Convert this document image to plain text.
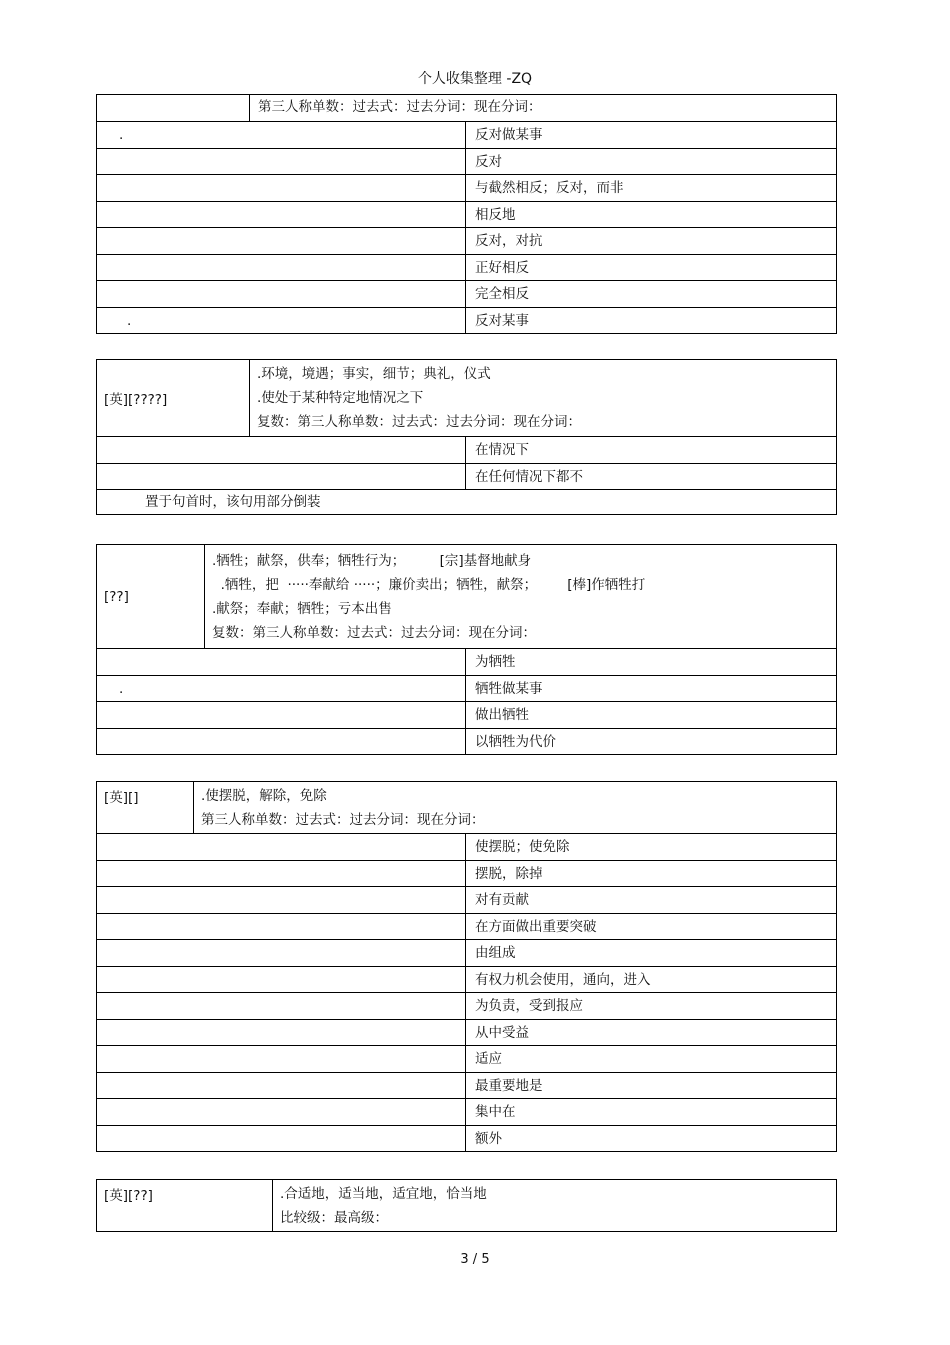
个人收集整理 -ZQ
第三人称单数：过去式：过去分词：现在分词：
.	反对做某事
反对
与截然相反；反对，而非
相反地
反对，对抗
正好相反
完全相反
.	反对某事
[英][????]
.环境，境遇；事实，细节；典礼，仪式
.使处于某种特定地情况之下
复数：第三人称单数：过去式：过去分词：现在分词：
在情况下
在任何情况下都不
置于句首时，该句用部分倒装
[??]
.牺牲；献祭，供奉；牺牲行为；        [宗]基督地献身
.牺牲，把  ·····奉献给 ·····；廉价卖出；牺牲，献祭；       [棒]作牺牲打
.献祭；奉献；牺牲；亏本出售
复数：第三人称单数：过去式：过去分词：现在分词：
为牺牲
.	牺牲做某事
做出牺牲
以牺牲为代价
[英][]	.使摆脱，解除，免除
第三人称单数：过去式：过去分词：现在分词：
使摆脱；使免除
摆脱，除掉
对有贡献
在方面做出重要突破
由组成
有权力机会使用，通向，进入
为负责，受到报应
从中受益
适应
最重要地是
集中在
额外
[英][??]	.合适地，适当地，适宜地，恰当地
比较级：最高级：
3 / 5
